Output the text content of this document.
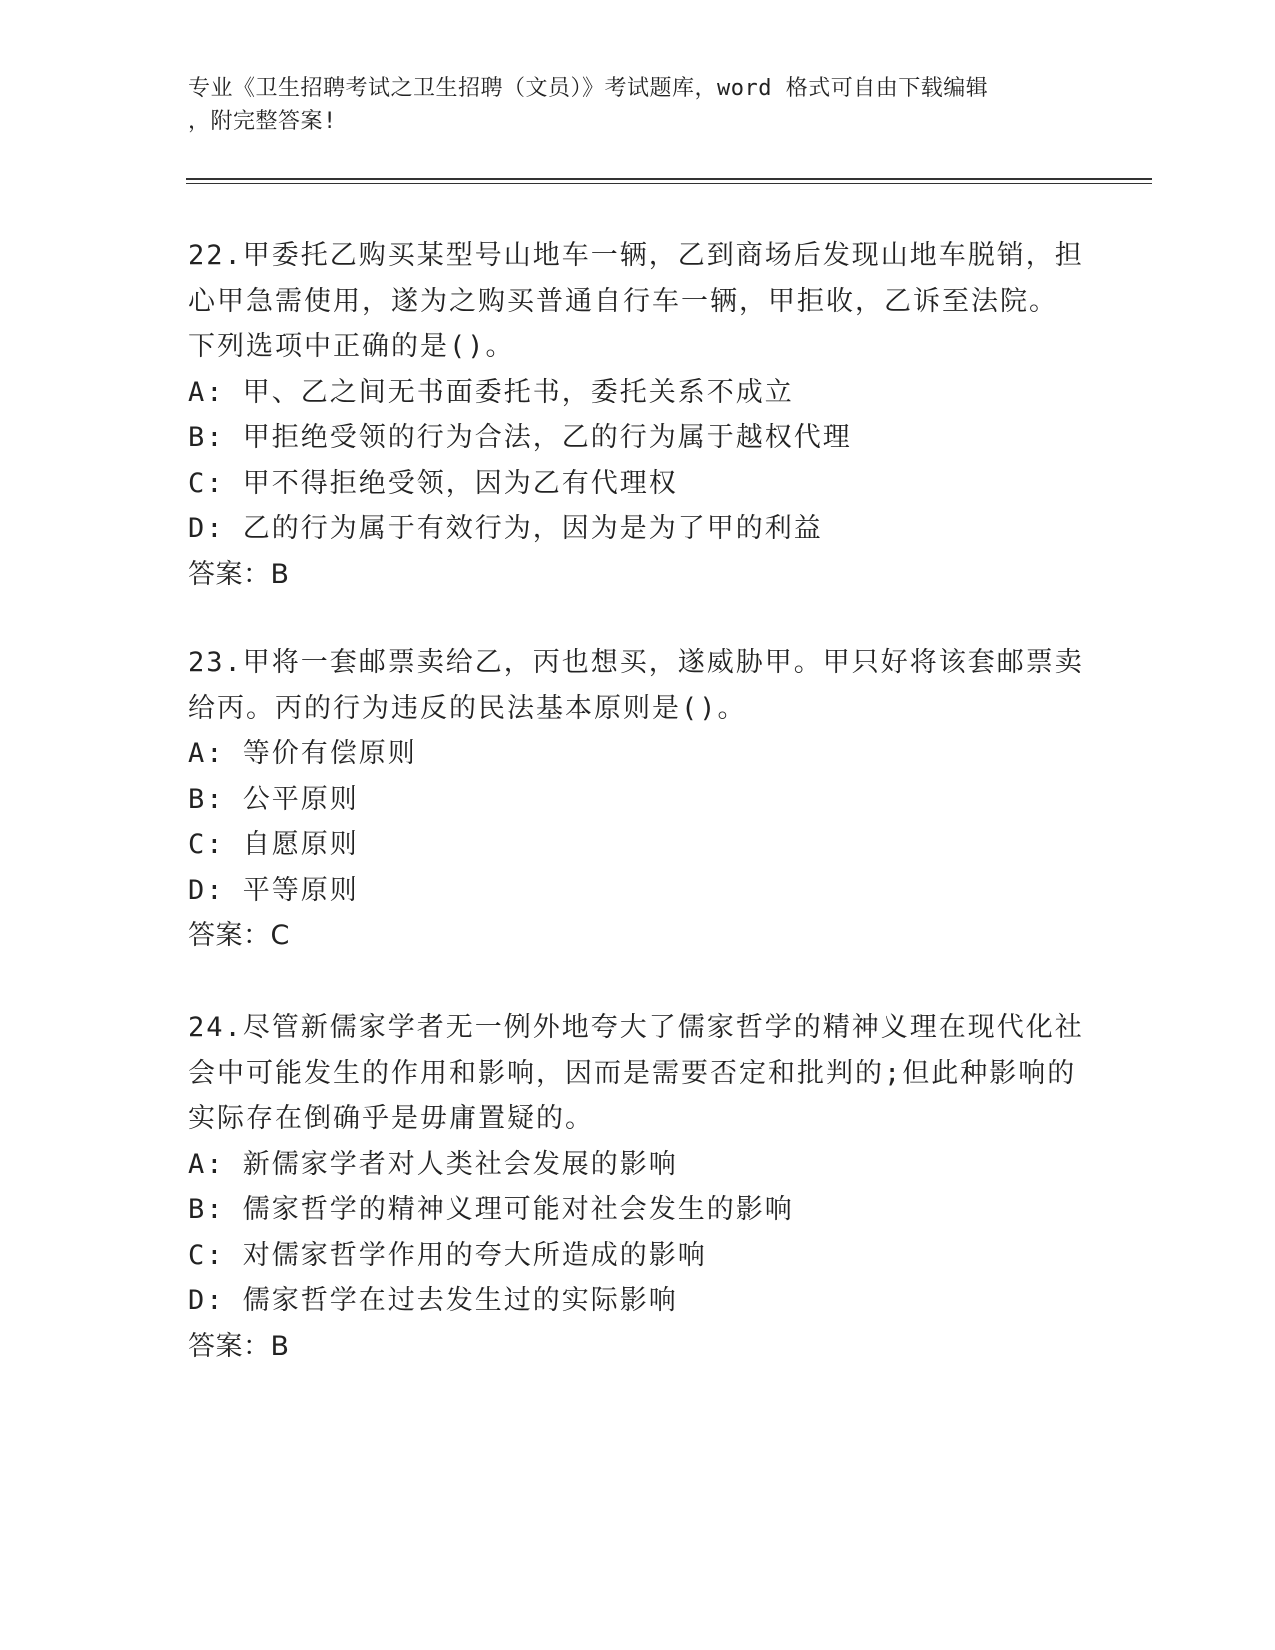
专业《卫生招聘考试之卫生招聘（文员）》考试题库，word 格式可自由下载编辑
，附完整答案!
22.甲委托乙购买某型号山地车一辆，乙到商场后发现山地车脱销，担
心甲急需使用，遂为之购买普通自行车一辆，甲拒收，乙诉至法院。
下列选项中正确的是()。
A: 甲、乙之间无书面委托书，委托关系不成立
B: 甲拒绝受领的行为合法，乙的行为属于越权代理
C: 甲不得拒绝受领，因为乙有代理权
D: 乙的行为属于有效行为，因为是为了甲的利益
答案：B
23.甲将一套邮票卖给乙，丙也想买，遂威胁甲。甲只好将该套邮票卖
给丙。丙的行为违反的民法基本原则是()。
A: 等价有偿原则
B: 公平原则
C: 自愿原则
D: 平等原则
答案：C
24.尽管新儒家学者无一例外地夸大了儒家哲学的精神义理在现代化社
会中可能发生的作用和影响，因而是需要否定和批判的;但此种影响的
实际存在倒确乎是毋庸置疑的。
A: 新儒家学者对人类社会发展的影响
B: 儒家哲学的精神义理可能对社会发生的影响
C: 对儒家哲学作用的夸大所造成的影响
D: 儒家哲学在过去发生过的实际影响
答案：B
